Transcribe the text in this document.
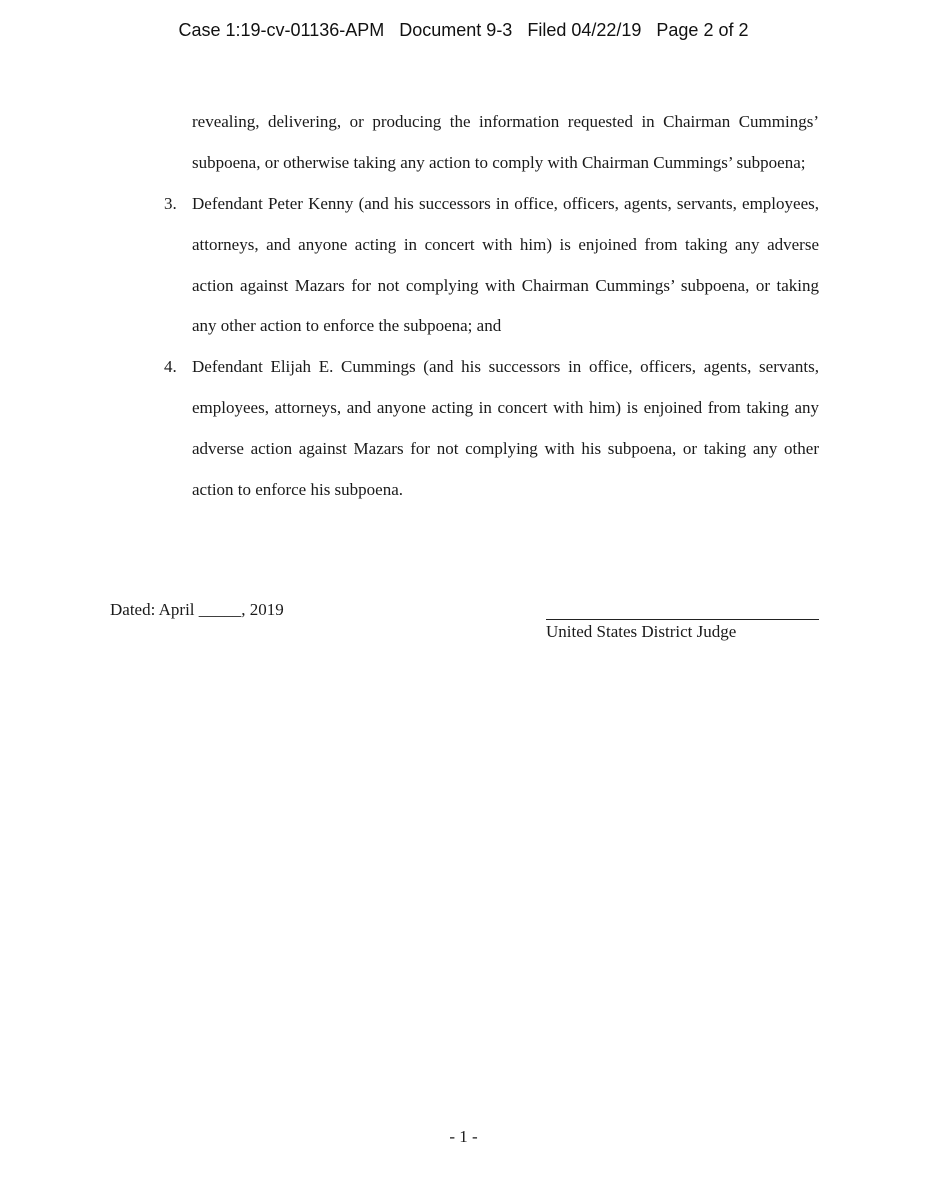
Case 1:19-cv-01136-APM   Document 9-3   Filed 04/22/19   Page 2 of 2
revealing, delivering, or producing the information requested in Chairman Cummings’
subpoena, or otherwise taking any action to comply with Chairman Cummings’ subpoena;
3. Defendant Peter Kenny (and his successors in office, officers, agents, servants, employees,
attorneys, and anyone acting in concert with him) is enjoined from taking any adverse
action against Mazars for not complying with Chairman Cummings’ subpoena, or taking
any other action to enforce the subpoena; and
4. Defendant Elijah E. Cummings (and his successors in office, officers, agents, servants,
employees, attorneys, and anyone acting in concert with him) is enjoined from taking any
adverse action against Mazars for not complying with his subpoena, or taking any other
action to enforce his subpoena.
Dated: April _____, 2019
United States District Judge
- 1 -
